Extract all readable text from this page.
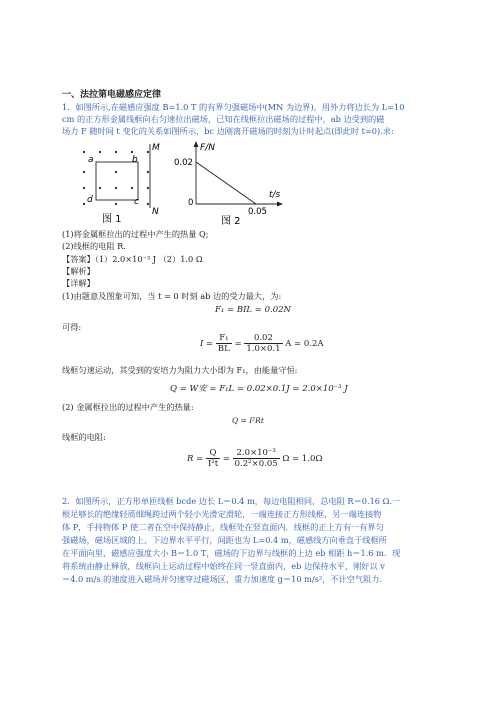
一、法拉第电磁感应定律
1．如图所示,在磁感应强度 B=1.0 T 的有界匀强磁场中(MN 为边界)，用外力将边长为 L=10
cm 的正方形金属线框向右匀速拉出磁场，已知在线框拉出磁场的过程中，ab 边受到的磁
场力 F 随时间 t 变化的关系如图所示，bc 边刚离开磁场的时刻为计时起点(即此时 t=0).求:
a	b
d	c
M
N
图 1
F/N
t/s
0.02
0
0.05
图 2
(1)将金属框拉出的过程中产生的热量 Q;
(2)线框的电阻 R.
【答案】（1）2.0×10⁻³ J （2）1.0 Ω
【解析】
【详解】
(1)由题意及图象可知，当 t = 0 时刻 ab 边的受力最大，为:
F₁ = BIL = 0.02N
可得:
$I = \frac{\text{F₁}}{BL} = \frac{0.02}{1.0\times 0.1}$ A = 0.2A
线框匀速运动，其受到的安培力为阻力大小即为 F₁，由能量守恒:
Q = W安 = F₁L = 0.02×0.1J = 2.0×10⁻³ J
(2) 金属框拉出的过程中产生的热量:
Q = I²Rt
线框的电阻:
$R = \frac{Q}{\text{I²t}} = \frac{\text{2.0×10⁻³}}{\text{0.2²×0.05}}$ Ω = 1.0Ω
2．如图所示，正方形单匝线框 bcde 边长 L＝0.4 m，每边电阻相同，总电阻 R＝0.16 Ω.一
根足够长的绝缘轻质细绳跨过两个轻小光滑定滑轮，一端连接正方形线框，另一端连接物
体 P，手持物体 P 使二者在空中保持静止，线框处在竖直面内．线框的正上方有一有界匀
强磁场，磁场区域的上、下边界水平平行，间距也为 L=0.4 m，磁感线方向垂直于线框所
在平面向里，磁感应强度大小 B＝1.0 T，磁场的下边界与线框的上边 eb 相距 h＝1.6 m．现
将系统由静止释放，线框向上运动过程中始终在同一竖直面内，eb 边保持水平，刚好以 v
＝4.0 m/s 的速度进入磁场并匀速穿过磁场区，重力加速度 g＝10 m/s²，不计空气阻力.
